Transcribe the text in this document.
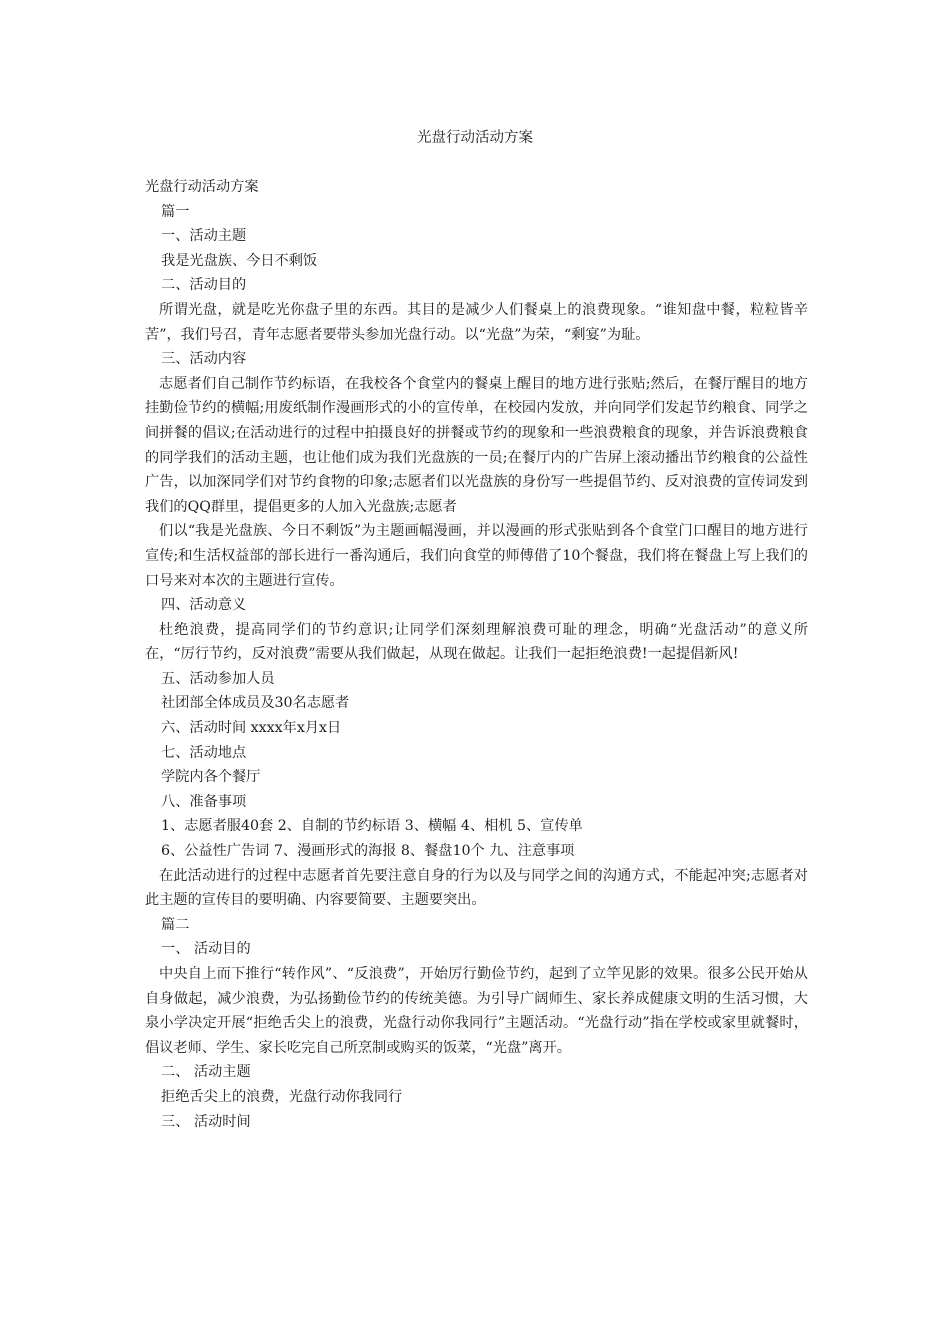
光盘行动活动方案
光盘行动活动方案
篇一
一、活动主题
我是光盘族、今日不剩饭
二、活动目的
所谓光盘，就是吃光你盘子里的东西。其目的是减少人们餐桌上的浪费现象。“谁知盘中餐，粒粒皆辛苦”，我们号召，青年志愿者要带头参加光盘行动。以“光盘”为荣，“剩宴”为耻。
三、活动内容
志愿者们自己制作节约标语，在我校各个食堂内的餐桌上醒目的地方进行张贴;然后，在餐厅醒目的地方挂勤俭节约的横幅;用废纸制作漫画形式的小的宣传单，在校园内发放，并向同学们发起节约粮食、同学之间拼餐的倡议;在活动进行的过程中拍摄良好的拼餐或节约的现象和一些浪费粮食的现象，并告诉浪费粮食的同学我们的活动主题，也让他们成为我们光盘族的一员;在餐厅内的广告屏上滚动播出节约粮食的公益性广告，以加深同学们对节约食物的印象;志愿者们以光盘族的身份写一些提倡节约、反对浪费的宣传词发到我们的QQ群里，提倡更多的人加入光盘族;志愿者
们以“我是光盘族、今日不剩饭”为主题画幅漫画，并以漫画的形式张贴到各个食堂门口醒目的地方进行宣传;和生活权益部的部长进行一番沟通后，我们向食堂的师傅借了10个餐盘，我们将在餐盘上写上我们的口号来对本次的主题进行宣传。
四、活动意义
杜绝浪费，提高同学们的节约意识;让同学们深刻理解浪费可耻的理念，明确“光盘活动”的意义所在，“厉行节约，反对浪费”需要从我们做起，从现在做起。让我们一起拒绝浪费!一起提倡新风!
五、活动参加人员
社团部全体成员及30名志愿者
六、活动时间 xxxx年x月x日
七、活动地点
学院内各个餐厅
八、准备事项
1、志愿者服40套 2、自制的节约标语 3、横幅 4、相机 5、宣传单
6、公益性广告词 7、漫画形式的海报 8、餐盘10个 九、注意事项
在此活动进行的过程中志愿者首先要注意自身的行为以及与同学之间的沟通方式，不能起冲突;志愿者对此主题的宣传目的要明确、内容要简要、主题要突出。
篇二
一、 活动目的
中央自上而下推行“转作风”、“反浪费”，开始厉行勤俭节约，起到了立竿见影的效果。很多公民开始从自身做起，减少浪费，为弘扬勤俭节约的传统美德。为引导广阔师生、家长养成健康文明的生活习惯，大泉小学决定开展“拒绝舌尖上的浪费，光盘行动你我同行”主题活动。“光盘行动”指在学校或家里就餐时，倡议老师、学生、家长吃完自己所烹制或购买的饭菜，“光盘”离开。
二、 活动主题
拒绝舌尖上的浪费，光盘行动你我同行
三、 活动时间
